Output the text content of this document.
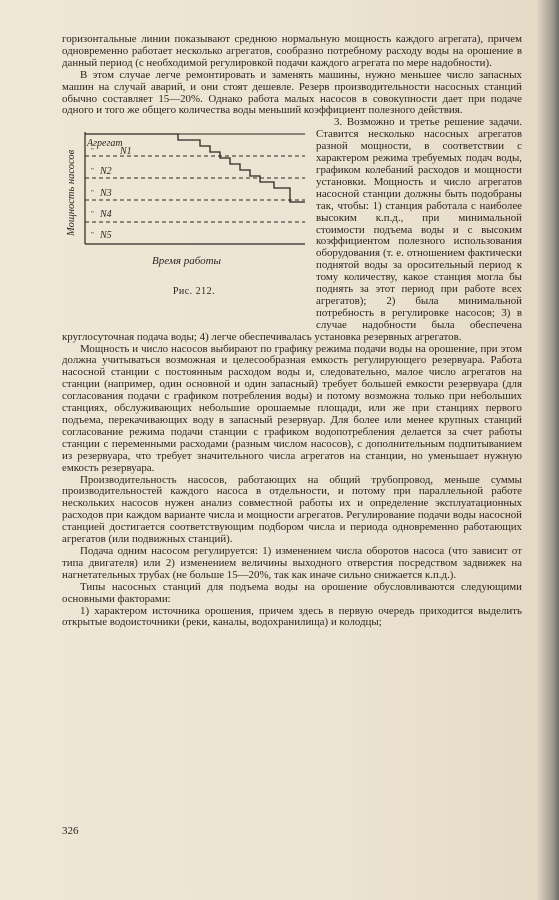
горизонтальные линии показывают среднюю нормальную мощность каждого агрегата), причем одновременно работает несколько агрегатов, сообразно потребному расходу воды на орошение в данный период (с необходимой регулировкой подачи каждого агрегата по мере надобности).

В этом случае легче ремонтировать и заменять машины, нужно меньшее число запасных машин на случай аварий, и они стоят дешевле. Резерв производительности насосных станций обычно составляет 15—20%. Однако работа малых насосов в совокупности дает при подаче одного и того же общего количества воды меньший коэффициент полезного действия.

Мощность насосов
Агрегат
"	N1
" N2
" N3
" N4
" N5
Время работы
Рис. 212.
3. Возможно и третье решение задачи. Ставится несколько насосных агрегатов разной мощности, в соответствии с характером режима требуемых подач воды, графиком колебаний расходов и мощности установки. Мощность и число агрегатов насосной станции должны быть подобраны так, чтобы: 1) станция работала с наиболее высоким к.п.д., при минимальной стоимости подъема воды и с высоким коэффициентом полезного использования оборудования (т. е. отношением фактически поднятой воды за оросительный период к тому количеству, какое станция могла бы поднять за этот период при работе всех агрегатов); 2) была минимальной потребность в регулировке насосов; 3) в случае надобности была обеспечена круглосуточная подача воды; 4) легче обеспечивалась установка резервных агрегатов.

Мощность и число насосов выбирают по графику режима подачи воды на орошение, при этом должна учитываться возможная и целесообразная емкость регулирующего резервуара. Работа насосной станции с постоянным расходом воды и, следовательно, малое число агрегатов на станции (например, один основной и один запасный) требует большей емкости резервуара (для согласования подачи с графиком потребления воды) и потому возможна только при небольших станциях, обслуживающих небольшие орошаемые площади, или же при станциях первого подъема, перекачивающих воду в запасный резервуар. Для более или менее крупных станций согласование режима подачи станции с графиком водопотребления делается за счет работы станции с переменными расходами (разным числом насосов), с дополнительным подпитыванием из резервуара, что требует значительного числа агрегатов на станции, но уменьшает нужную емкость резервуара.

Производительность насосов, работающих на общий трубопровод, меньше суммы производительностей каждого насоса в отдельности, и потому при параллельной работе нескольких насосов нужен анализ совместной работы их и определение эксплуатационных расходов при каждом варианте числа и мощности агрегатов. Регулирование подачи воды насосной станцией достигается соответствующим подбором числа и периода одновременно работающих агрегатов (или подвижных станций).

Подача одним насосом регулируется: 1) изменением числа оборотов насоса (что зависит от типа двигателя) или 2) изменением величины выходного отверстия посредством задвижек на нагнетательных трубах (не больше 15—20%, так как иначе сильно снижается к.п.д.).

Типы насосных станций для подъема воды на орошение обусловливаются следующими основными факторами:

1) характером источника орошения, причем здесь в первую очередь приходится выделить открытые водоисточники (реки, каналы, водохранилища) и колодцы;

326
